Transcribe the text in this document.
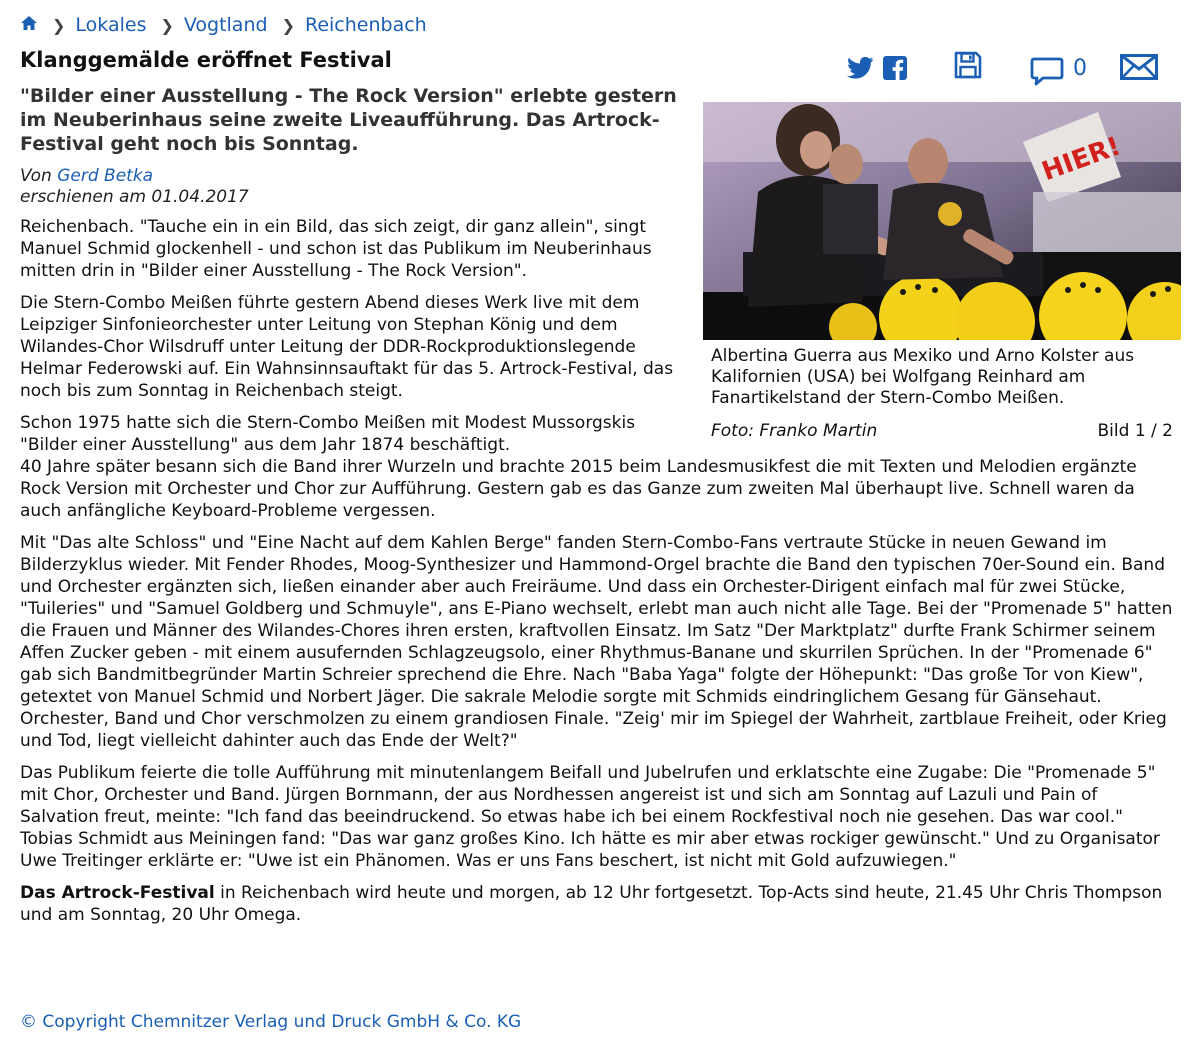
❯ Lokales ❯ Vogtland ❯ Reichenbach
Klanggemälde eröffnet Festival	0

"Bilder einer Ausstellung - The Rock Version" erlebte gestern im Neuberinhaus seine zweite Liveaufführung. Das Artrock-Festival geht noch bis Sonntag.

Von Gerd Betka
erschienen am 01.04.2017
HIER!
Albertina Guerra aus Mexiko und Arno Kolster aus Kalifornien (USA) bei Wolfgang Reinhard am Fanartikelstand der Stern-Combo Meißen.
Foto: Franko Martin	Bild 1 / 2

Reichenbach. "Tauche ein in ein Bild, das sich zeigt, dir ganz allein", singt Manuel Schmid glockenhell - und schon ist das Publikum im Neuberinhaus mitten drin in "Bilder einer Ausstellung - The Rock Version".

Die Stern-Combo Meißen führte gestern Abend dieses Werk live mit dem Leipziger Sinfonieorchester unter Leitung von Stephan König und dem Wilandes-Chor Wilsdruff unter Leitung der DDR-Rockproduktionslegende Helmar Federowski auf. Ein Wahnsinnsauftakt für das 5. Artrock-Festival, das noch bis zum Sonntag in Reichenbach steigt.

Schon 1975 hatte sich die Stern-Combo Meißen mit Modest Mussorgskis "Bilder einer Ausstellung" aus dem Jahr 1874 beschäftigt.

40 Jahre später besann sich die Band ihrer Wurzeln und brachte 2015 beim Landesmusikfest die mit Texten und Melodien ergänzte Rock Version mit Orchester und Chor zur Aufführung. Gestern gab es das Ganze zum zweiten Mal überhaupt live. Schnell waren da auch anfängliche Keyboard-Probleme vergessen.

Mit "Das alte Schloss" und "Eine Nacht auf dem Kahlen Berge" fanden Stern-Combo-Fans vertraute Stücke in neuen Gewand im Bilderzyklus wieder. Mit Fender Rhodes, Moog-Synthesizer und Hammond-Orgel brachte die Band den typischen 70er-Sound ein. Band und Orchester ergänzten sich, ließen einander aber auch Freiräume. Und dass ein Orchester-Dirigent einfach mal für zwei Stücke, "Tuileries" und "Samuel Goldberg und Schmuyle", ans E-Piano wechselt, erlebt man auch nicht alle Tage. Bei der "Promenade 5" hatten die Frauen und Männer des Wilandes-Chores ihren ersten, kraftvollen Einsatz. Im Satz "Der Marktplatz" durfte Frank Schirmer seinem Affen Zucker geben - mit einem ausufernden Schlagzeugsolo, einer Rhythmus-Banane und skurrilen Sprüchen. In der "Promenade 6" gab sich Bandmitbegründer Martin Schreier sprechend die Ehre. Nach "Baba Yaga" folgte der Höhepunkt: "Das große Tor von Kiew", getextet von Manuel Schmid und Norbert Jäger. Die sakrale Melodie sorgte mit Schmids eindringlichem Gesang für Gänsehaut. Orchester, Band und Chor verschmolzen zu einem grandiosen Finale. "Zeig' mir im Spiegel der Wahrheit, zartblaue Freiheit, oder Krieg und Tod, liegt vielleicht dahinter auch das Ende der Welt?"

Das Publikum feierte die tolle Aufführung mit minutenlangem Beifall und Jubelrufen und erklatschte eine Zugabe: Die "Promenade 5" mit Chor, Orchester und Band. Jürgen Bornmann, der aus Nordhessen angereist ist und sich am Sonntag auf Lazuli und Pain of Salvation freut, meinte: "Ich fand das beeindruckend. So etwas habe ich bei einem Rockfestival noch nie gesehen. Das war cool." Tobias Schmidt aus Meiningen fand: "Das war ganz großes Kino. Ich hätte es mir aber etwas rockiger gewünscht." Und zu Organisator Uwe Treitinger erklärte er: "Uwe ist ein Phänomen. Was er uns Fans beschert, ist nicht mit Gold aufzuwiegen."

Das Artrock-Festival in Reichenbach wird heute und morgen, ab 12 Uhr fortgesetzt. Top-Acts sind heute, 21.45 Uhr Chris Thompson und am Sonntag, 20 Uhr Omega.

© Copyright Chemnitzer Verlag und Druck GmbH & Co. KG
